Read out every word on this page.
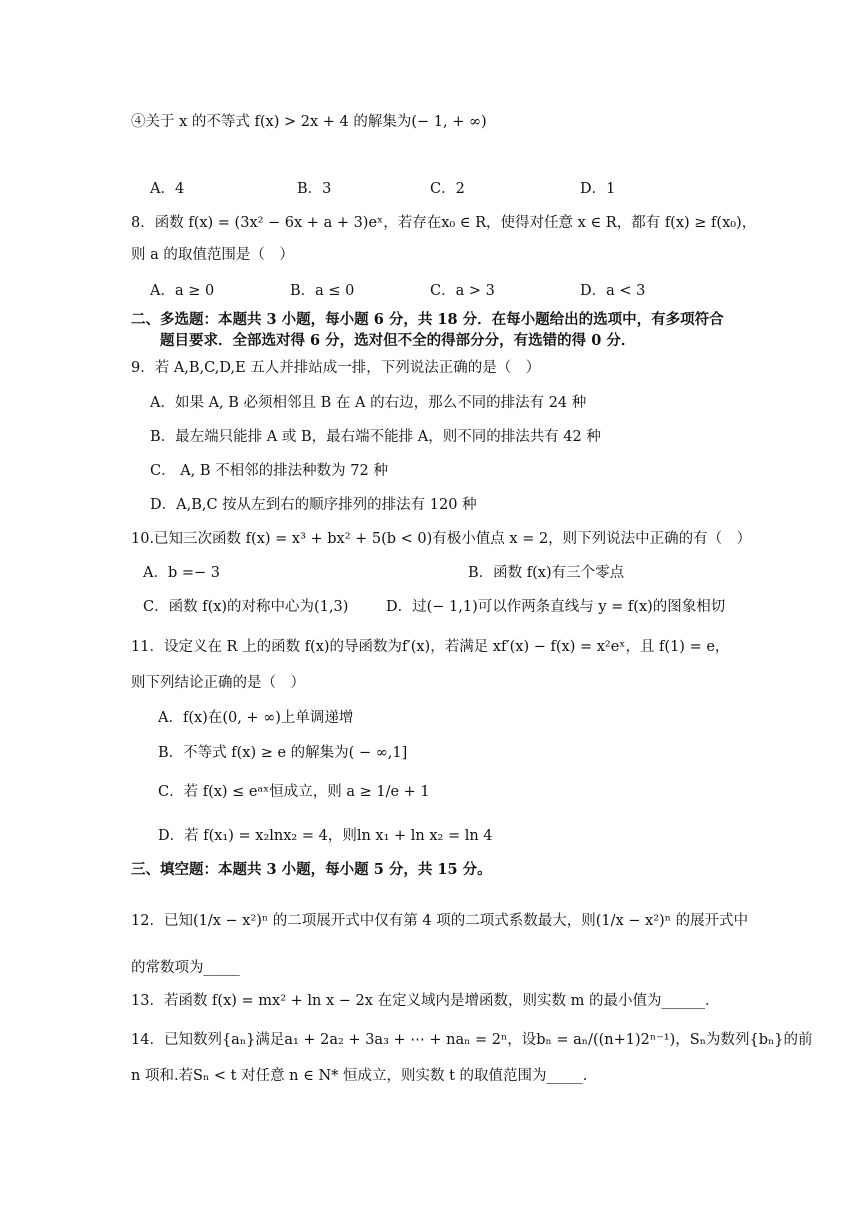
④关于 x 的不等式 f(x) > 2x + 4 的解集为(− 1, + ∞)
A．4	B．3	C．2	D．1
8．函数 f(x) = (3x² − 6x + a + 3)eˣ，若存在x₀ ∈ R，使得对任意 x ∈ R，都有 f(x) ≥ f(x₀)，
则 a 的取值范围是（　）
A．a ≥ 0	B．a ≤ 0	C．a > 3	D．a < 3
二、多选题：本题共 3 小题，每小题 6 分，共 18 分．在每小题给出的选项中，有多项符合
题目要求．全部选对得 6 分，选对但不全的得部分分，有选错的得 0 分．
9．若 A,B,C,D,E 五人并排站成一排，下列说法正确的是（　）
A．如果 A, B 必须相邻且 B 在 A 的右边，那么不同的排法有 24 种
B．最左端只能排 A 或 B，最右端不能排 A，则不同的排法共有 42 种
C． A, B 不相邻的排法种数为 72 种
D．A,B,C 按从左到右的顺序排列的排法有 120 种
10.已知三次函数 f(x) = x³ + bx² + 5(b < 0)有极小值点 x = 2，则下列说法中正确的有（　）
A．b =− 3	B．函数 f(x)有三个零点
C．函数 f(x)的对称中心为(1,3)	D．过(− 1,1)可以作两条直线与 y = f(x)的图象相切
11．设定义在 R 上的函数 f(x)的导函数为f′(x)，若满足 xf′(x) − f(x) = x²eˣ，且 f(1) = e，
则下列结论正确的是（　）
A．f(x)在(0, + ∞)上单调递增
B．不等式 f(x) ≥ e 的解集为( − ∞,1]
C．若 f(x) ≤ eᵃˣ恒成立，则 a ≥ 1/e + 1
D．若 f(x₁) = x₂lnx₂ = 4，则ln x₁ + ln x₂ = ln 4
三、填空题：本题共 3 小题，每小题 5 分，共 15 分。
12．已知(1/x − x²)ⁿ 的二项展开式中仅有第 4 项的二项式系数最大，则(1/x − x²)ⁿ 的展开式中
的常数项为_____
13．若函数 f(x) = mx² + ln x − 2x 在定义域内是增函数，则实数 m 的最小值为______．
14．已知数列{aₙ}满足a₁ + 2a₂ + 3a₃ + ⋯ + naₙ = 2ⁿ，设bₙ = aₙ/((n+1)2ⁿ⁻¹)，Sₙ为数列{bₙ}的前
n 项和.若Sₙ < t 对任意 n ∈ N* 恒成立，则实数 t 的取值范围为_____.
